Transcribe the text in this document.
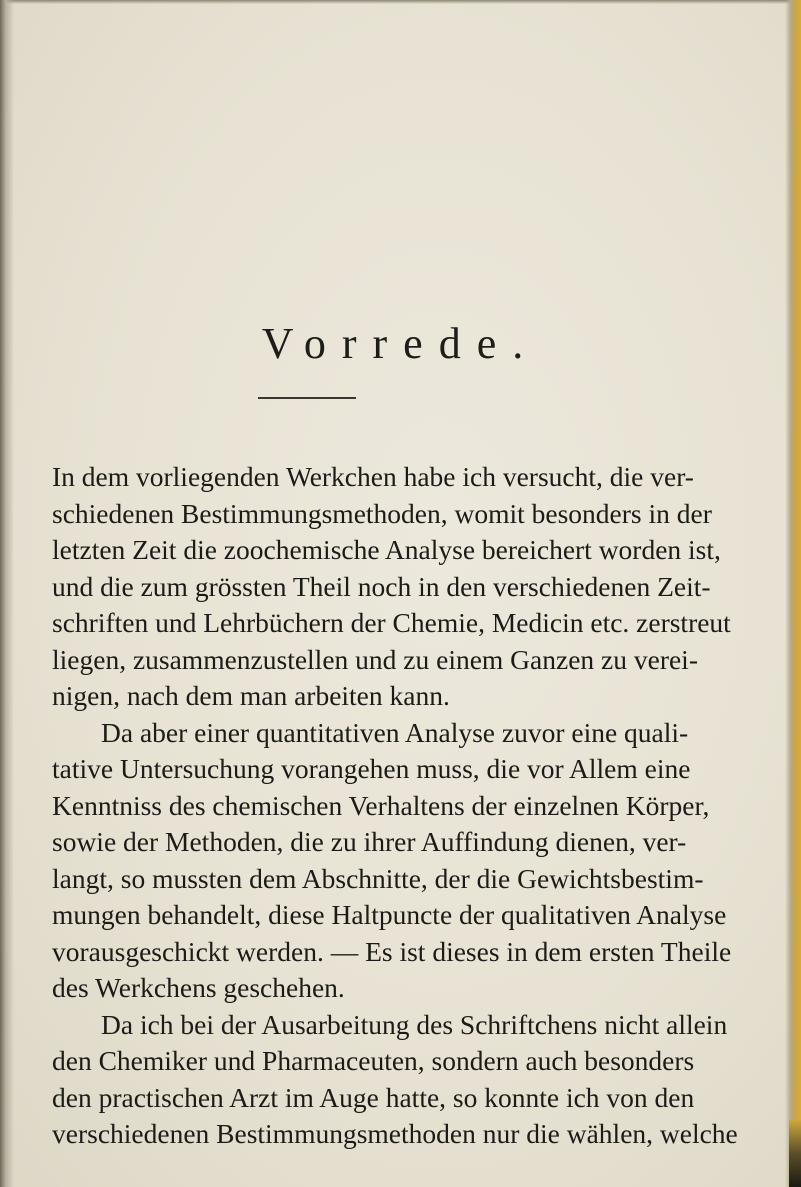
Vorrede.
In dem vorliegenden Werkchen habe ich versucht, die ver-
schiedenen Bestimmungsmethoden, womit besonders in der
letzten Zeit die zoochemische Analyse bereichert worden ist,
und die zum grössten Theil noch in den verschiedenen Zeit-
schriften und Lehrbüchern der Chemie, Medicin etc. zerstreut
liegen, zusammenzustellen und zu einem Ganzen zu verei-
nigen, nach dem man arbeiten kann.
Da aber einer quantitativen Analyse zuvor eine quali-
tative Untersuchung vorangehen muss, die vor Allem eine
Kenntniss des chemischen Verhaltens der einzelnen Körper,
sowie der Methoden, die zu ihrer Auffindung dienen, ver-
langt, so mussten dem Abschnitte, der die Gewichtsbestim-
mungen behandelt, diese Haltpuncte der qualitativen Analyse
vorausgeschickt werden. — Es ist dieses in dem ersten Theile
des Werkchens geschehen.
Da ich bei der Ausarbeitung des Schriftchens nicht allein
den Chemiker und Pharmaceuten, sondern auch besonders
den practischen Arzt im Auge hatte, so konnte ich von den
verschiedenen Bestimmungsmethoden nur die wählen, welche
